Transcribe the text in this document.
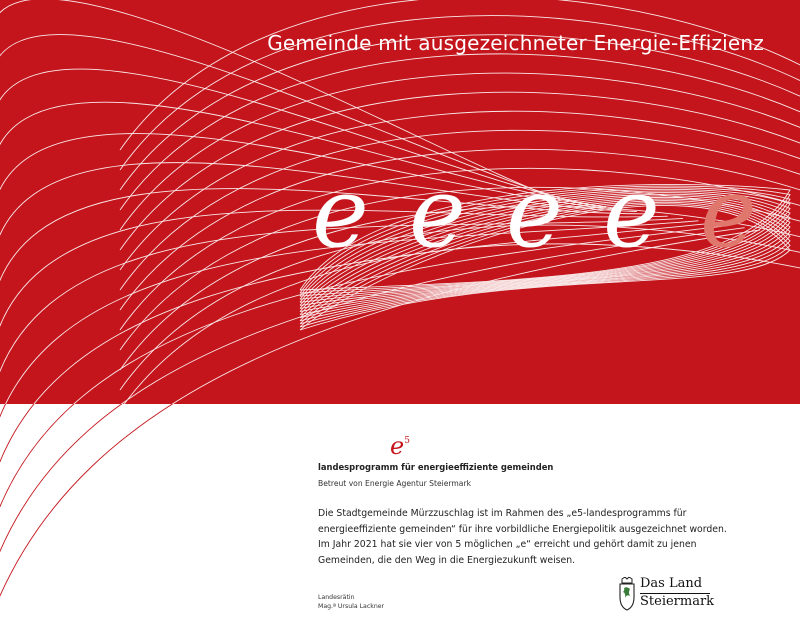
Gemeinde mit ausgezeichneter Energie-Effizienz
e e e e e
$e^5$
landesprogramm für energieeffiziente gemeinden
Betreut von Energie Agentur Steiermark

Die Stadtgemeinde Mürzzuschlag ist im Rahmen des „e5-landesprogramms für

energieeffiziente gemeinden“ für ihre vorbildliche Energiepolitik ausgezeichnet worden.

Im Jahr 2021 hat sie vier von 5 möglichen „e“ erreicht und gehört damit zu jenen

Gemeinden, die den Weg in die Energiezukunft weisen.

Landesrätin
Mag.ª Ursula Lackner
Das Land
Steiermark
